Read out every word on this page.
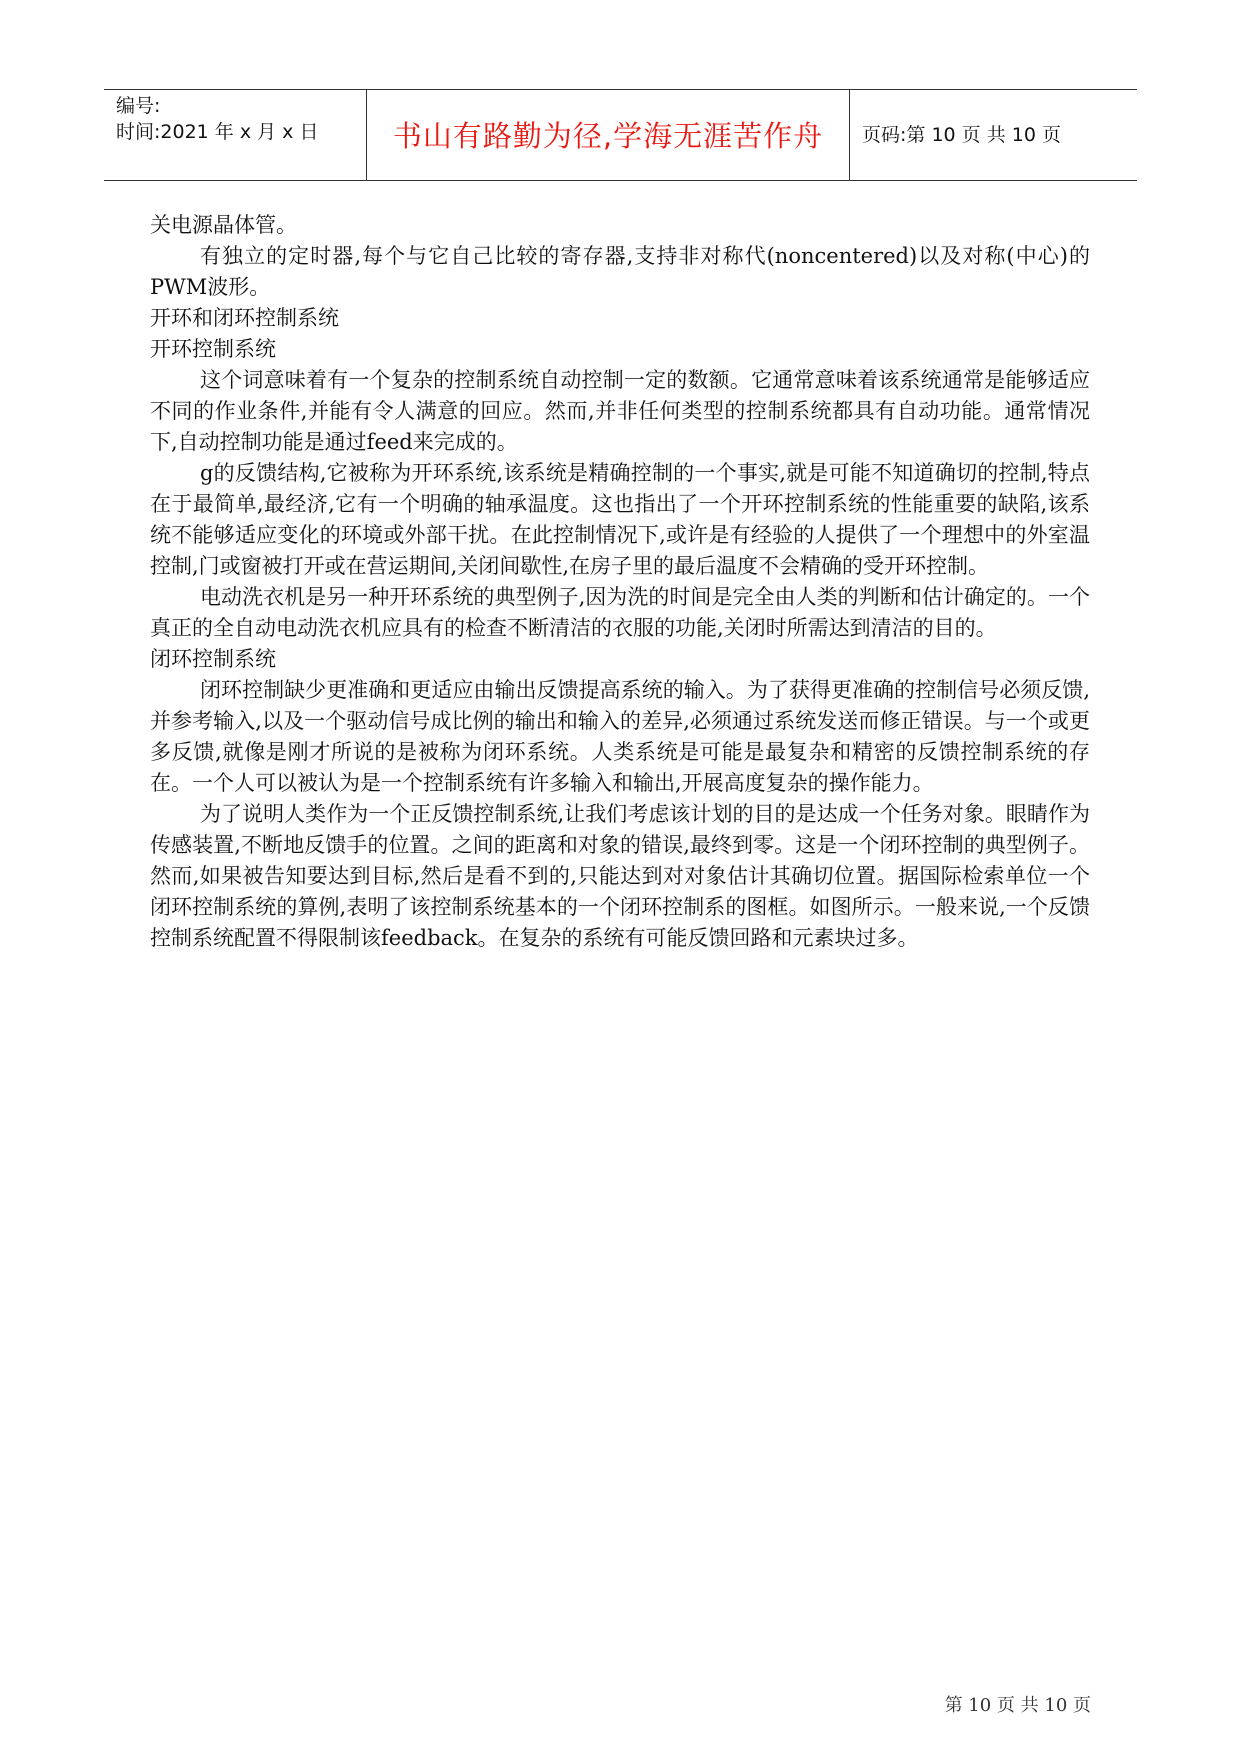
编号:
时间:2021 年 x 月 x 日	书山有路勤为径,学海无涯苦作舟	页码:第 10 页 共 10 页

关电源晶体管。

有独立的定时器,每个与它自己比较的寄存器,支持非对称代(noncentered)以及对称(中心)的PWM波形。

开环和闭环控制系统

开环控制系统

这个词意味着有一个复杂的控制系统自动控制一定的数额。它通常意味着该系统通常是能够适应不同的作业条件,并能有令人满意的回应。然而,并非任何类型的控制系统都具有自动功能。通常情况下,自动控制功能是通过feed来完成的。

g的反馈结构,它被称为开环系统,该系统是精确控制的一个事实,就是可能不知道确切的控制,特点在于最简单,最经济,它有一个明确的轴承温度。这也指出了一个开环控制系统的性能重要的缺陷,该系统不能够适应变化的环境或外部干扰。在此控制情况下,或许是有经验的人提供了一个理想中的外室温控制,门或窗被打开或在营运期间,关闭间歇性,在房子里的最后温度不会精确的受开环控制。

电动洗衣机是另一种开环系统的典型例子,因为洗的时间是完全由人类的判断和估计确定的。一个真正的全自动电动洗衣机应具有的检查不断清洁的衣服的功能,关闭时所需达到清洁的目的。

闭环控制系统

闭环控制缺少更准确和更适应由输出反馈提高系统的输入。为了获得更准确的控制信号必须反馈,并参考输入,以及一个驱动信号成比例的输出和输入的差异,必须通过系统发送而修正错误。与一个或更多反馈,就像是刚才所说的是被称为闭环系统。人类系统是可能是最复杂和精密的反馈控制系统的存在。一个人可以被认为是一个控制系统有许多输入和输出,开展高度复杂的操作能力。

为了说明人类作为一个正反馈控制系统,让我们考虑该计划的目的是达成一个任务对象。眼睛作为传感装置,不断地反馈手的位置。之间的距离和对象的错误,最终到零。这是一个闭环控制的典型例子。然而,如果被告知要达到目标,然后是看不到的,只能达到对对象估计其确切位置。据国际检索单位一个闭环控制系统的算例,表明了该控制系统基本的一个闭环控制系的图框。如图所示。一般来说,一个反馈控制系统配置不得限制该feedback。在复杂的系统有可能反馈回路和元素块过多。

第 10 页 共 10 页
